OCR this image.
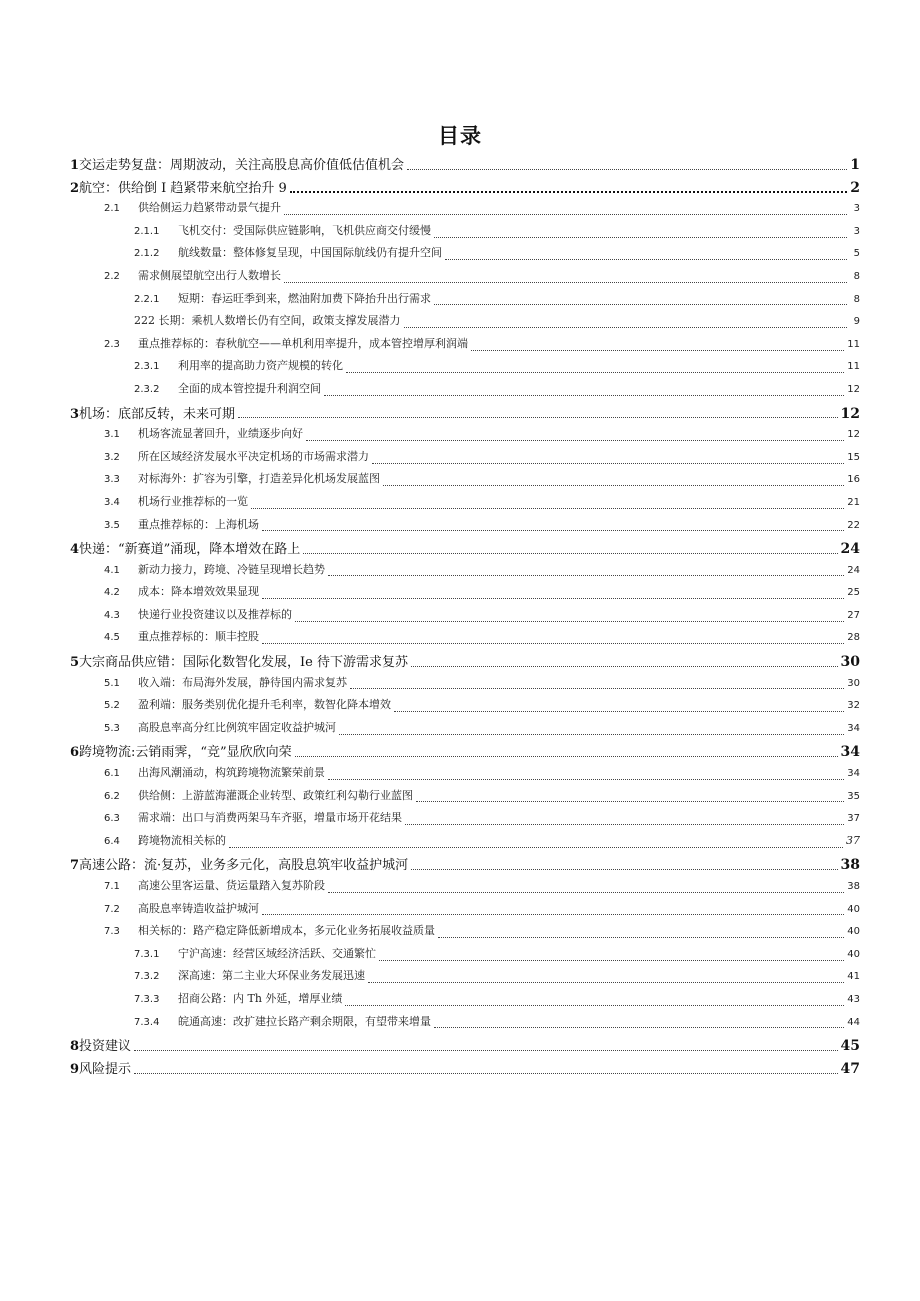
目录
1 交运走势复盘：周期波动，关注高股息高价值低估值机会	1
2 航空：供给倒 I 趋紧带来航空抬升 9	2
2.1	供给侧运力趋紧带动景气提升	3
2.1.1	飞机交付：受国际供应链影响，飞机供应商交付缓慢	3
2.1.2	航线数量：整体修复呈现，中国国际航线仍有提升空间	5
2.2	需求侧展望航空出行人数增长	8
2.2.1	短期：春运旺季到来，燃油附加费下降抬升出行需求	8
222 长期：乘机人数增长仍有空间，政策支撑发展潜力	9
2.3	重点推荐标的：春秋航空——单机利用率提升，成本管控增厚利润端	11
2.3.1	利用率的提高助力资产规模的转化	11
2.3.2	全面的成本管控提升利润空间	12
3 机场：底部反转，未来可期	12
3.1	机场客流显著回升，业绩逐步向好	12
3.2	所在区域经济发展水平决定机场的市场需求潜力	15
3.3	对标海外：扩容为引擎，打造差异化机场发展蓝图	16
3.4	机场行业推荐标的一览	21
3.5	重点推荐标的：上海机场	22
4 快递：“新赛道”涌现，降本增效在路上	24
4.1	新动力接力，跨境、冷链呈现增长趋势	24
4.2	成本：降本增效效果显现	25
4.3	快递行业投资建议以及推荐标的	27
4.5	重点推荐标的：顺丰控股	28
5 大宗商品供应错：国际化数智化发展，Ie 待下游需求复苏	30
5.1	收入端：布局海外发展，静待国内需求复苏	30
5.2	盈利端：服务类别优化提升毛利率，数智化降本增效	32
5.3	高股息率高分红比例筑牢固定收益护城河	34
6 跨境物流:云销雨霁，“竞”显欣欣向荣	34
6.1	出海风潮涌动，构筑跨境物流繁荣前景	34
6.2	供给侧：上游蓝海灌溉企业转型、政策红利勾勒行业蓝图	35
6.3	需求端：出口与消费两架马车齐驱，增量市场开花结果	37
6.4	跨境物流相关标的	37
7 高速公路：流·复苏，业务多元化，高股息筑牢收益护城河	38
7.1	高速公里客运量、货运量踏入复苏阶段	38
7.2	高股息率铸造收益护城河	40
7.3	相关标的：路产稳定降低新增成本，多元化业务拓展收益质量	40
7.3.1	宁沪高速：经营区域经济活跃、交通繁忙	40
7.3.2	深高速：第二主业大环保业务发展迅速	41
7.3.3	招商公路：内 Th 外延，增厚业绩	43
7.3.4	皖通高速：改扩建拉长路产剩余期限，有望带来增量	44
8 投资建议	45
9 风险提示	47
